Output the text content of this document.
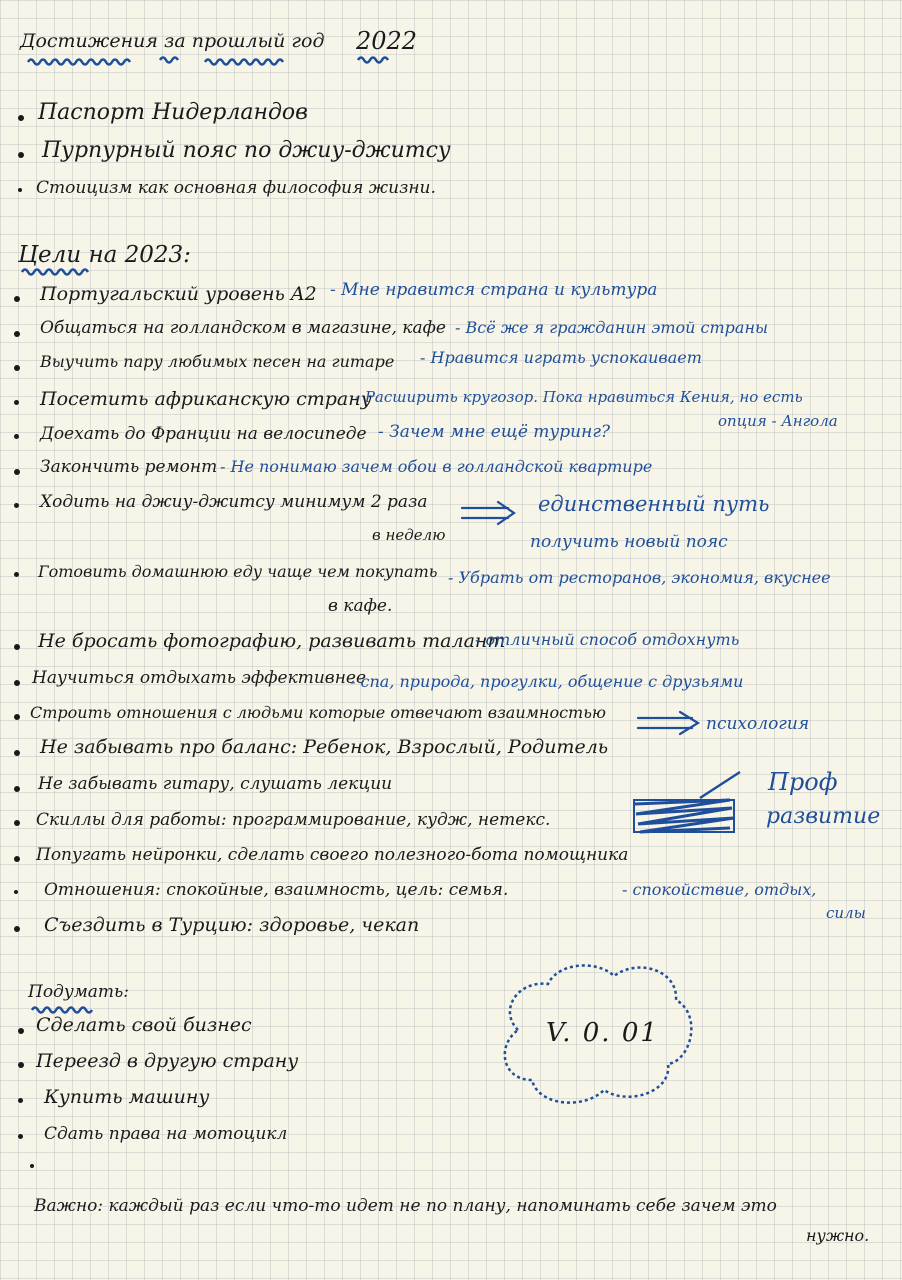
Достижения за прошлый год 2022
Паспорт Нидерландов
Пурпурный пояс по джиу-джитсу
Стоицизм как основная философия жизни.
Цели на 2023:
Португальский уровень A2 - Мне нравится страна и культура
Общаться на голландском в магазине, кафе - Всё же я гражданин этой страны
Выучить пару любимых песен на гитаре - Нравится играть успокаивает
Посетить африканскую страну
- Расширить кругозор. Пока нравиться Кения, но есть
опция - Ангола
Доехать до Франции на велосипеде - Зачем мне ещё туринг?
Закончить ремонт - Не понимаю зачем обои в голландской квартире
Ходить на джиу-джитсу минимум 2 раза
в неделю
единственный путь
получить новый пояс
Готовить домашнюю еду чаще чем покупать
в кафе.
- Убрать от ресторанов, экономия, вкуснее
Не бросать фотографию, развивать талант
- отличный способ отдохнуть
Научиться отдыхать эффективнее
- спа, природа, прогулки, общение с друзьями
Строить отношения с людьми которые отвечают взаимностью
психология
Не забывать про баланс: Ребенок, Взрослый, Родитель
Не забывать гитару, слушать лекции
Скиллы для работы: программирование, кудж, нетекс.
Попугать нейронки, сделать своего полезного-бота помощника
Отношения: спокойные, взаимность, цель: семья.	- спокойствие, отдых,
силы
Съездить в Турцию: здоровье, чекап
Проф
развитие
Подумать:
Сделать свой бизнес
Переезд в другую страну
Купить машину
Сдать права на мотоцикл
V. 0. 01
Важно: каждый раз если что-то идет не по плану, напоминать себе зачем это
нужно.
